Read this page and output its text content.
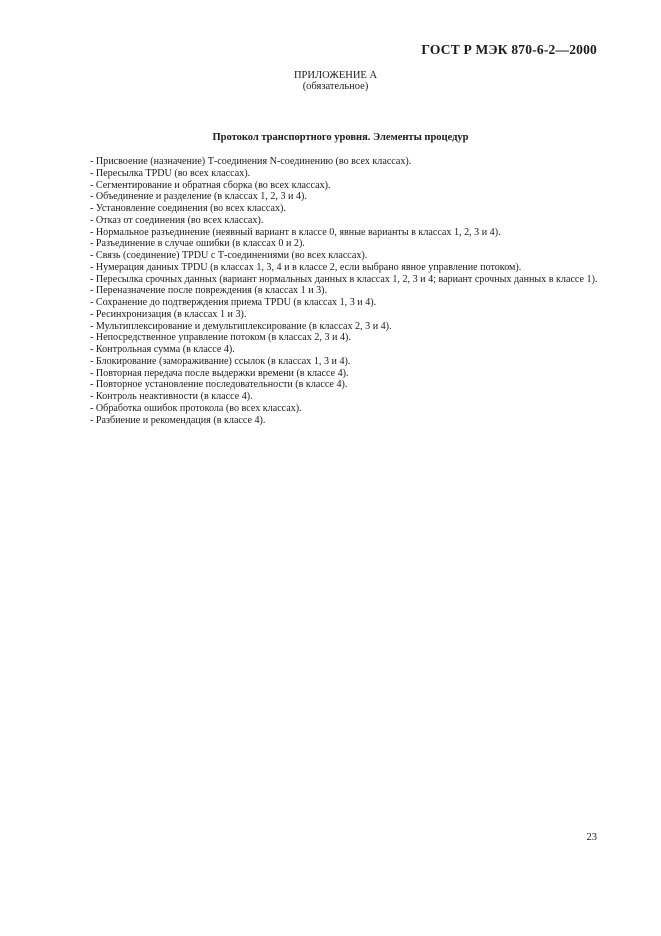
ГОСТ Р МЭК 870-6-2—2000
ПРИЛОЖЕНИЕ А
(обязательное)
Протокол транспортного уровня. Элементы процедур
- Присвоение (назначение) Т-соединения N-соединению (во всех классах).
- Пересылка TPDU (во всех классах).
- Сегментирование и обратная сборка (во всех классах).
- Объединение и разделение (в классах 1, 2, 3 и 4).
- Установление соединения (во всех классах).
- Отказ от соединения (во всех классах).
- Нормальное разъединение (неявный вариант в классе 0, явные варианты в классах 1, 2, 3 и 4).
- Разъединение в случае ошибки (в классах 0 и 2).
- Связь (соединение) TPDU с Т-соединениями (во всех классах).
- Нумерация данных TPDU (в классах 1, 3, 4 и в классе 2, если выбрано явное управление потоком).
- Пересылка срочных данных (вариант нормальных данных в классах 1, 2, 3 и 4; вариант срочных данных в классе 1).
- Переназначение после повреждения (в классах 1 и 3).
- Сохранение до подтверждения приема TPDU (в классах 1, 3 и 4).
- Ресинхронизация (в классах 1 и 3).
- Мультиплексирование и демультиплексирование (в классах 2, 3 и 4).
- Непосредственное управление потоком (в классах 2, 3 и 4).
- Контрольная сумма (в классе 4).
- Блокирование (замораживание) ссылок (в классах 1, 3 и 4).
- Повторная передача после выдержки времени (в классе 4).
- Повторное установление последовательности (в классе 4).
- Контроль неактивности (в классе 4).
- Обработка ошибок протокола (во всех классах).
- Разбиение и рекомендация (в классе 4).
23
